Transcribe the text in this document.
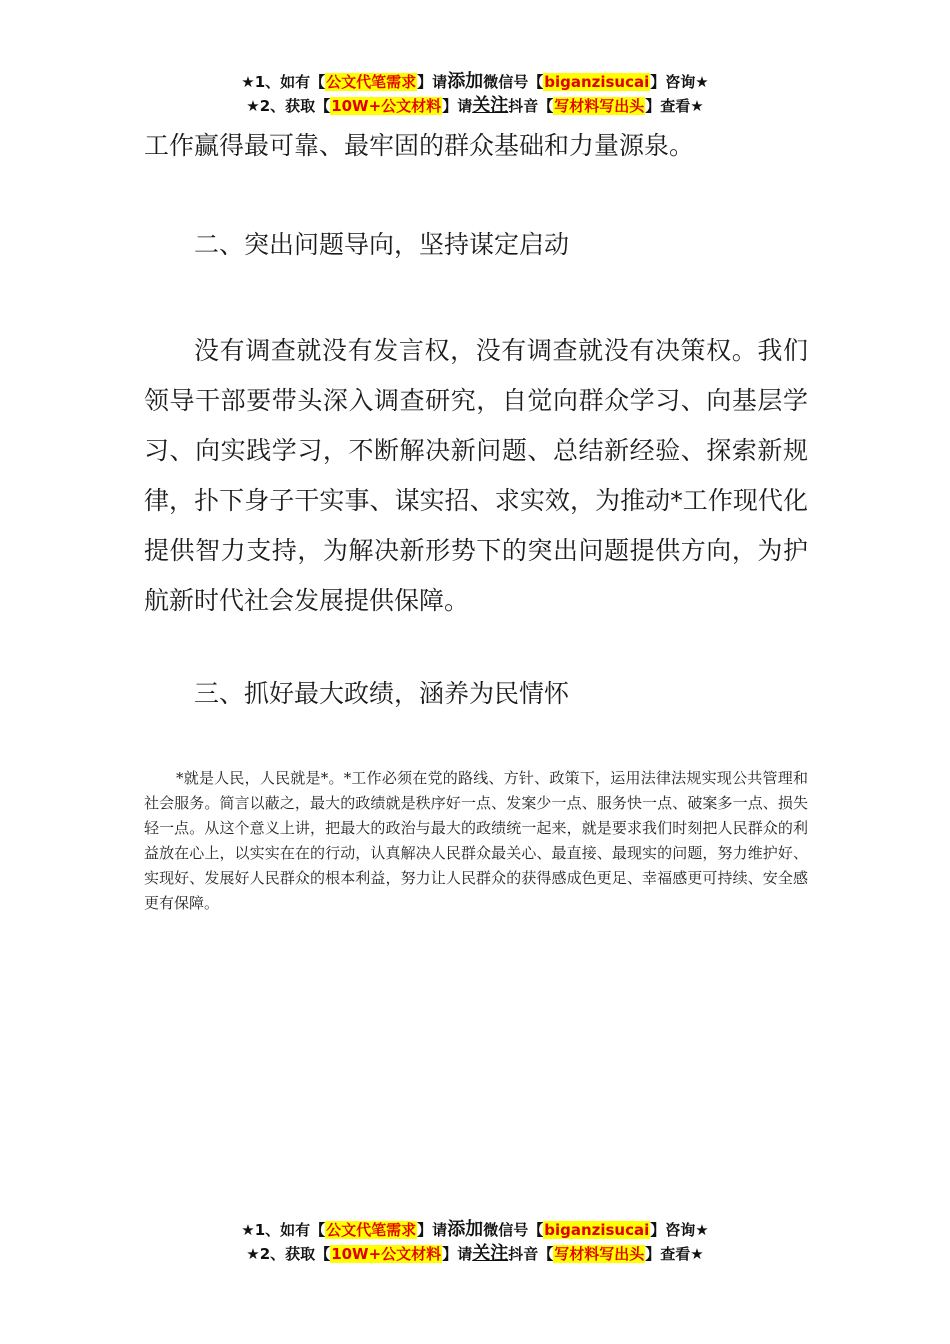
★1、如有【公文代笔需求】请添加微信号【biganzisucai】咨询★
★2、获取【10W+公文材料】请关注抖音【写材料写出头】查看★
工作赢得最可靠、最牢固的群众基础和力量源泉。
二、突出问题导向，坚持谋定启动
没有调查就没有发言权，没有调查就没有决策权。我们领导干部要带头深入调查研究，自觉向群众学习、向基层学习、向实践学习，不断解决新问题、总结新经验、探索新规律，扑下身子干实事、谋实招、求实效，为推动*工作现代化提供智力支持，为解决新形势下的突出问题提供方向，为护航新时代社会发展提供保障。
三、抓好最大政绩，涵养为民情怀
*就是人民，人民就是*。*工作必须在党的路线、方针、政策下，运用法律法规实现公共管理和社会服务。简言以蔽之，最大的政绩就是秩序好一点、发案少一点、服务快一点、破案多一点、损失轻一点。从这个意义上讲，把最大的政治与最大的政绩统一起来，就是要求我们时刻把人民群众的利益放在心上，以实实在在的行动，认真解决人民群众最关心、最直接、最现实的问题，努力维护好、实现好、发展好人民群众的根本利益，努力让人民群众的获得感成色更足、幸福感更可持续、安全感更有保障。
★1、如有【公文代笔需求】请添加微信号【biganzisucai】咨询★
★2、获取【10W+公文材料】请关注抖音【写材料写出头】查看★
